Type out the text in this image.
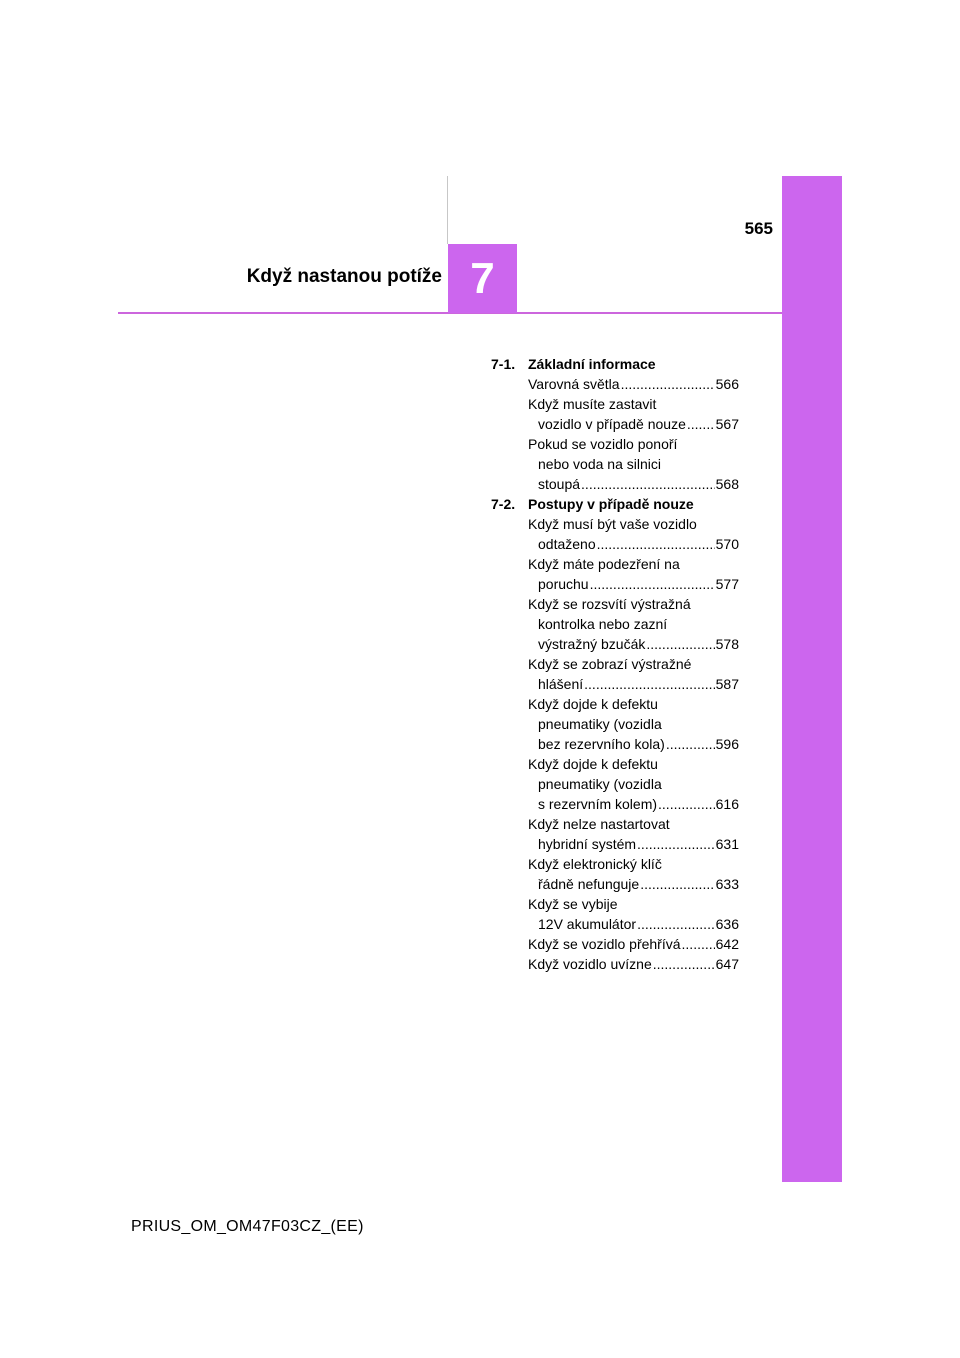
565
Když nastanou potíže 7
7-1. Základní informace
Varovná světla .....	566
Když musíte zastavit
vozidlo v případě nouze ..... 567
Pokud se vozidlo ponoří
nebo voda na silnici
stoupá .....	568
7-2. Postupy v případě nouze
Když musí být vaše vozidlo
odtaženo .....	570
Když máte podezření na
poruchu .....	577
Když se rozsvítí výstražná
kontrolka nebo zazní
výstražný bzučák .....	578
Když se zobrazí výstražné
hlášení .....	587
Když dojde k defektu
pneumatiky (vozidla
bez rezervního kola) .....	596
Když dojde k defektu
pneumatiky (vozidla
s rezervním kolem) .....	616
Když nelze nastartovat
hybridní systém .....	631
Když elektronický klíč
řádně nefunguje .....	633
Když se vybije
12V akumulátor .....	636
Když se vozidlo přehřívá .....	642
Když vozidlo uvízne .....	647
PRIUS_OM_OM47F03CZ_(EE)
